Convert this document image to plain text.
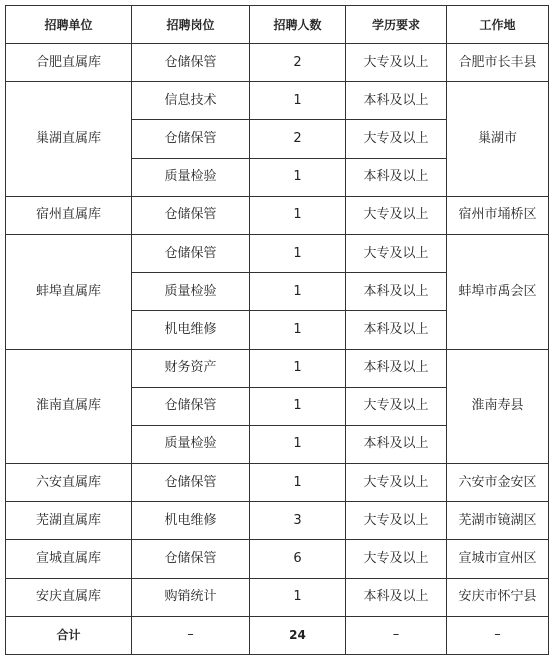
招聘单位	招聘岗位	招聘人数	学历要求	工作地
合肥直属库	仓储保管	2	大专及以上	合肥市长丰县
巢湖直属库	信息技术	1	本科及以上	巢湖市
	仓储保管	2	大专及以上	
	质量检验	1	本科及以上	
宿州直属库	仓储保管	1	大专及以上	宿州市埇桥区
蚌埠直属库	仓储保管	1	大专及以上	蚌埠市禹会区
	质量检验	1	本科及以上	
	机电维修	1	本科及以上	
淮南直属库	财务资产	1	本科及以上	淮南寿县
	仓储保管	1	大专及以上	
	质量检验	1	本科及以上	
六安直属库	仓储保管	1	大专及以上	六安市金安区
芜湖直属库	机电维修	3	大专及以上	芜湖市镜湖区
宣城直属库	仓储保管	6	大专及以上	宣城市宣州区
安庆直属库	购销统计	1	本科及以上	安庆市怀宁县
合计	–	24	–	–
